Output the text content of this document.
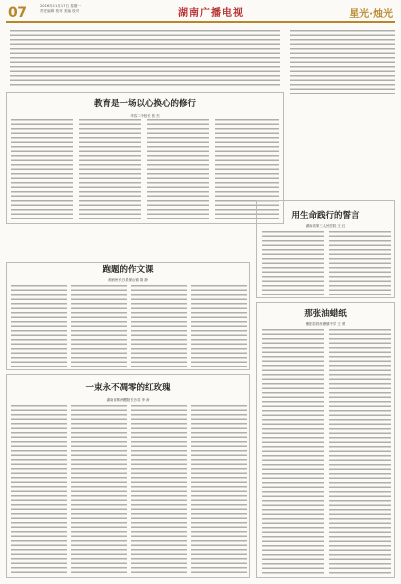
07	2016年11月17日 星期一
责任编辑 校对 美编 校对	湖南广播电视	星光·烛光
教育是一场以心换心的修行
华容二中校长 张 杰
用生命践行的誓言
湖南省第三人民医院 王 红
跑题的作文课
湘西州长沙县保山镇 胡 静
那张油蜡纸
衡阳县铁丝塘镇中学 王 勇
一束永不凋零的红玫瑰
湖南省株洲醴陵长沙县 李 涛
